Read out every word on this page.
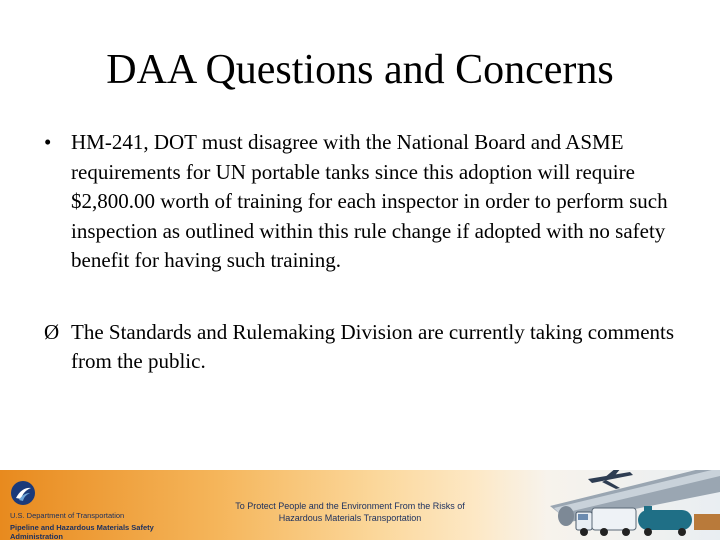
DAA Questions and Concerns
• HM-241, DOT must disagree with the National Board and ASME requirements for UN portable tanks since this adoption will require $2,800.00 worth of training for each inspector in order to perform such inspection as outlined within this rule change if adopted with no safety benefit for having such training.
Ø The Standards and Rulemaking Division are currently taking comments from the public.
U.S. Department of Transportation
Pipeline and Hazardous Materials Safety Administration
To Protect People and the Environment From the Risks of Hazardous Materials Transportation
